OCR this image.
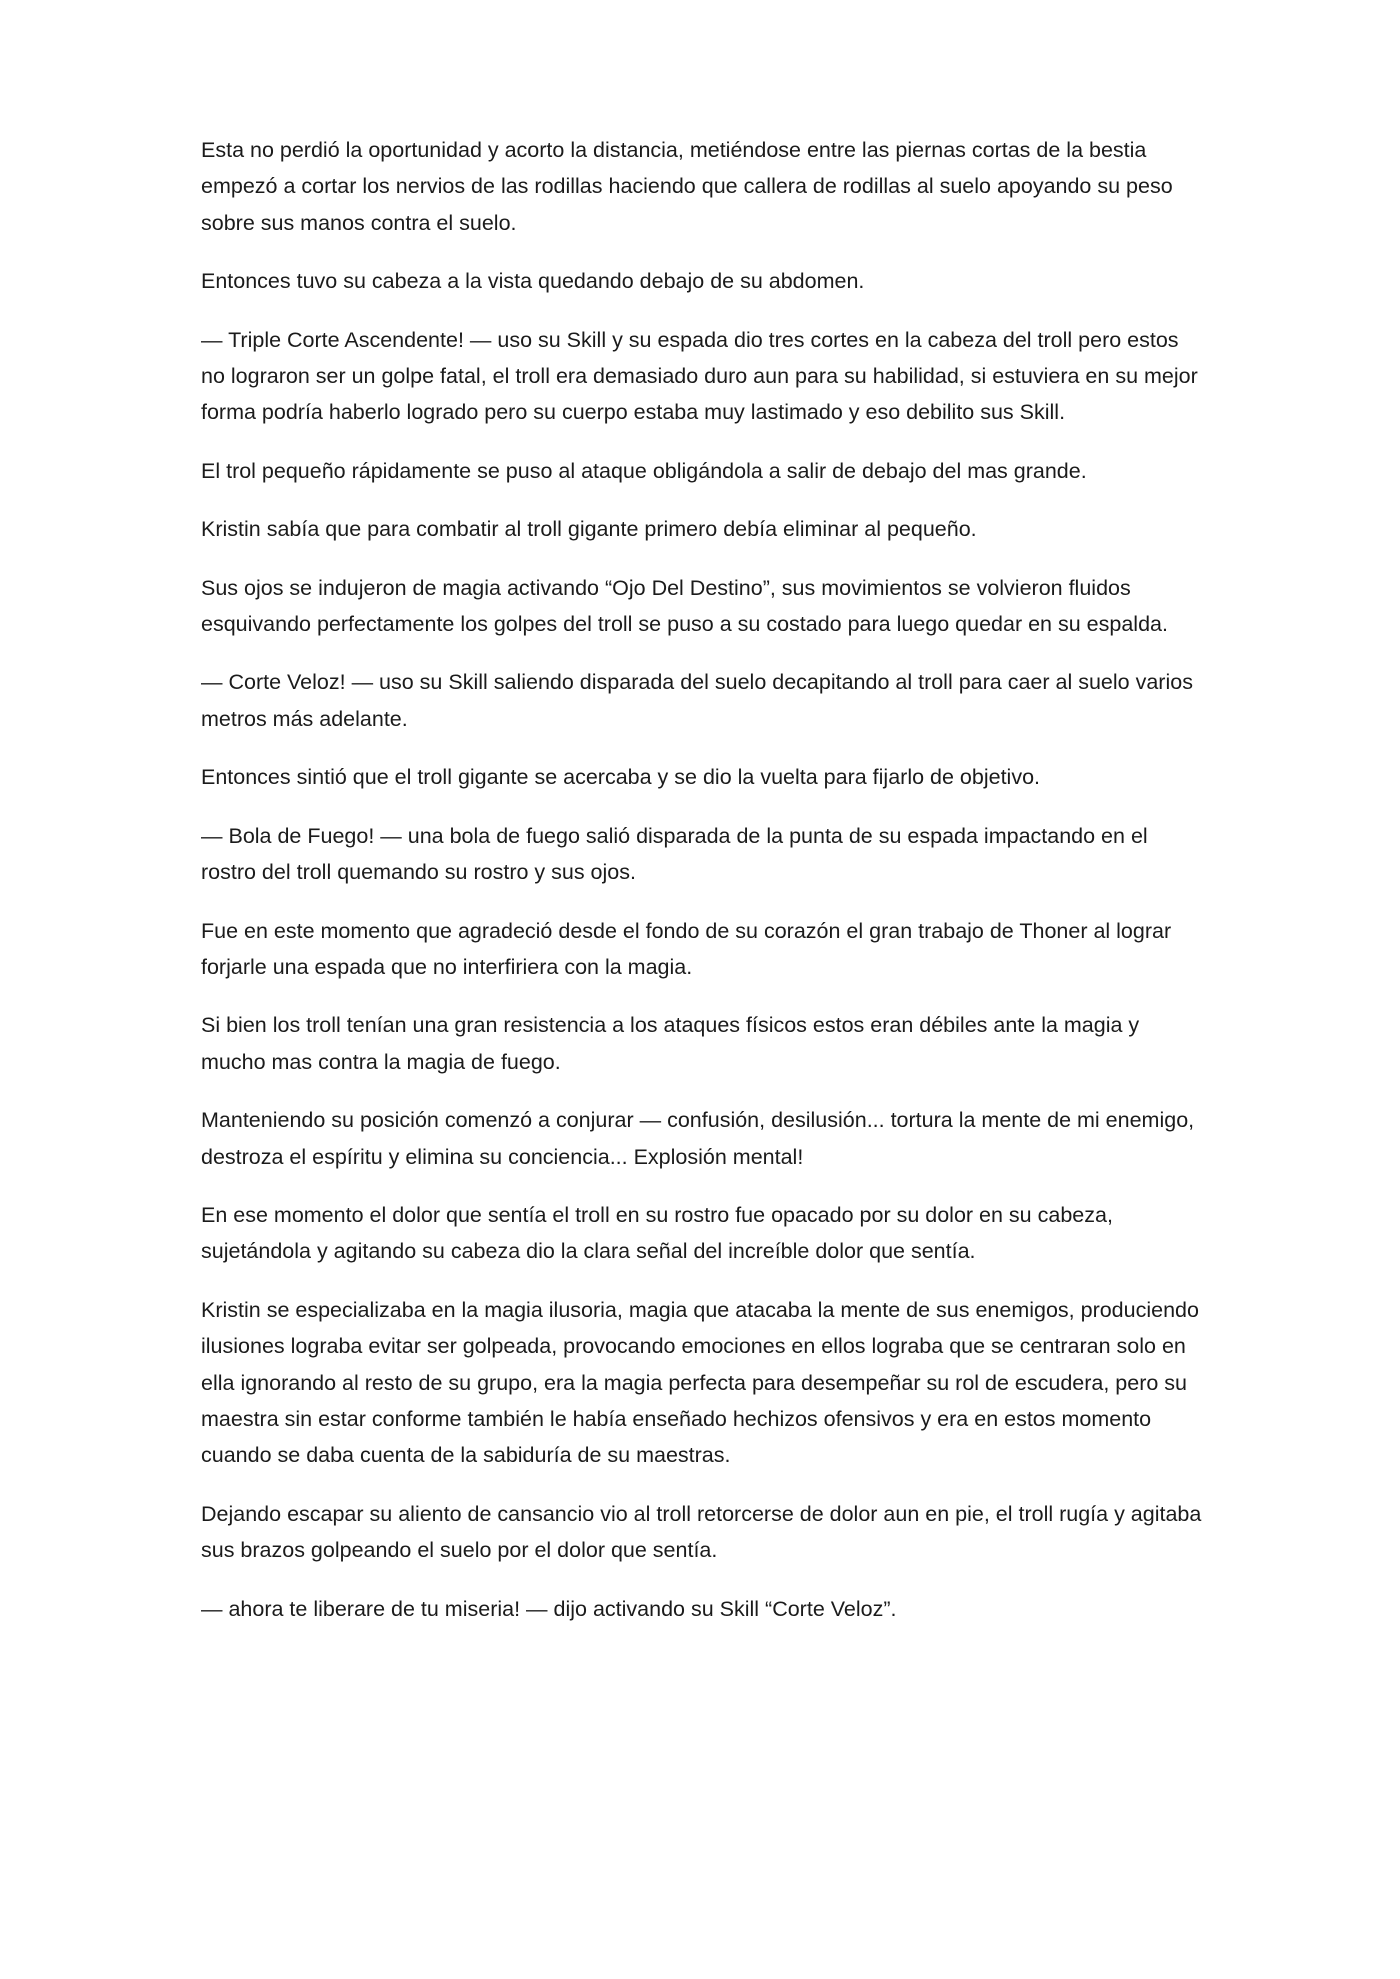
Esta no perdió la oportunidad y acorto la distancia, metiéndose entre las piernas cortas de la bestia empezó a cortar los nervios de las rodillas haciendo que callera de rodillas al suelo apoyando su peso sobre sus manos contra el suelo.

Entonces tuvo su cabeza a la vista quedando debajo de su abdomen.

— Triple Corte Ascendente! — uso su Skill y su espada dio tres cortes en la cabeza del troll pero estos no lograron ser un golpe fatal, el troll era demasiado duro aun para su habilidad, si estuviera en su mejor forma podría haberlo logrado pero su cuerpo estaba muy lastimado y eso debilito sus Skill.

El trol pequeño rápidamente se puso al ataque obligándola a salir de debajo del mas grande.

Kristin sabía que para combatir al troll gigante primero debía eliminar al pequeño.

Sus ojos se indujeron de magia activando “Ojo Del Destino”, sus movimientos se volvieron fluidos esquivando perfectamente los golpes del troll se puso a su costado para luego quedar en su espalda.

— Corte Veloz! — uso su Skill saliendo disparada del suelo decapitando al troll para caer al suelo varios metros más adelante.

Entonces sintió que el troll gigante se acercaba y se dio la vuelta para fijarlo de objetivo.

— Bola de Fuego! — una bola de fuego salió disparada de la punta de su espada impactando en el rostro del troll quemando su rostro y sus ojos.

Fue en este momento que agradeció desde el fondo de su corazón el gran trabajo de Thoner al lograr forjarle una espada que no interfiriera con la magia.

Si bien los troll tenían una gran resistencia a los ataques físicos estos eran débiles ante la magia y mucho mas contra la magia de fuego.

Manteniendo su posición comenzó a conjurar — confusión, desilusión... tortura la mente de mi enemigo, destroza el espíritu y elimina su conciencia... Explosión mental!

En ese momento el dolor que sentía el troll en su rostro fue opacado por su dolor en su cabeza, sujetándola y agitando su cabeza dio la clara señal del increíble dolor que sentía.

Kristin se especializaba en la magia ilusoria, magia que atacaba la mente de sus enemigos, produciendo ilusiones lograba evitar ser golpeada, provocando emociones en ellos lograba que se centraran solo en ella ignorando al resto de su grupo, era la magia perfecta para desempeñar su rol de escudera, pero su maestra sin estar conforme también le había enseñado hechizos ofensivos y era en estos momento cuando se daba cuenta de la sabiduría de su maestras.

Dejando escapar su aliento de cansancio vio al troll retorcerse de dolor aun en pie, el troll rugía y agitaba sus brazos golpeando el suelo por el dolor que sentía.

— ahora te liberare de tu miseria! — dijo activando su Skill “Corte Veloz”.
